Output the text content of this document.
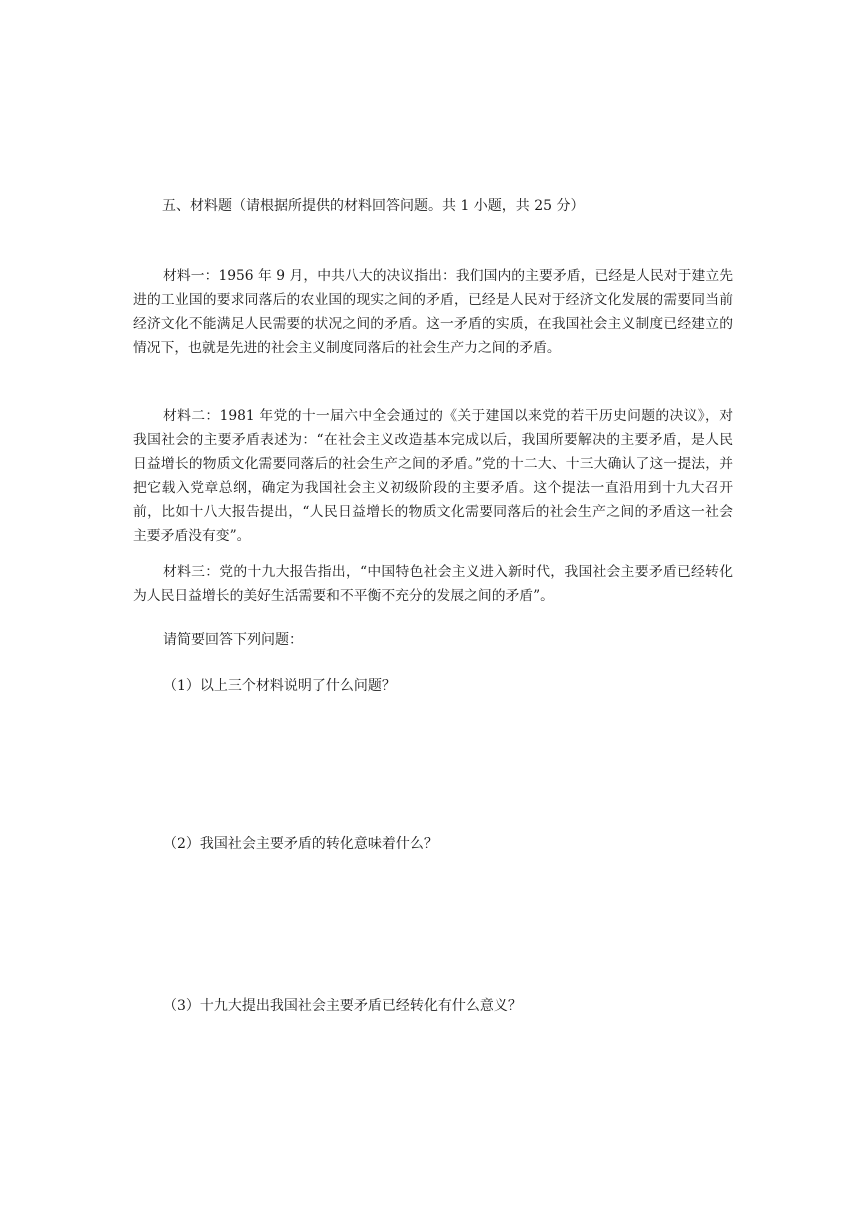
五、材料题（请根据所提供的材料回答问题。共 1 小题，共 25 分）
材料一：1956 年 9 月，中共八大的决议指出：我们国内的主要矛盾，已经是人民对于建立先进的工业国的要求同落后的农业国的现实之间的矛盾，已经是人民对于经济文化发展的需要同当前经济文化不能满足人民需要的状况之间的矛盾。这一矛盾的实质，在我国社会主义制度已经建立的情况下，也就是先进的社会主义制度同落后的社会生产力之间的矛盾。
材料二：1981 年党的十一届六中全会通过的《关于建国以来党的若干历史问题的决议》，对我国社会的主要矛盾表述为：“在社会主义改造基本完成以后，我国所要解决的主要矛盾，是人民日益增长的物质文化需要同落后的社会生产之间的矛盾。”党的十二大、十三大确认了这一提法，并把它载入党章总纲，确定为我国社会主义初级阶段的主要矛盾。这个提法一直沿用到十九大召开前，比如十八大报告提出，“人民日益增长的物质文化需要同落后的社会生产之间的矛盾这一社会主要矛盾没有变”。
材料三：党的十九大报告指出，“中国特色社会主义进入新时代，我国社会主要矛盾已经转化为人民日益增长的美好生活需要和不平衡不充分的发展之间的矛盾”。
请简要回答下列问题：
（1）以上三个材料说明了什么问题？
（2）我国社会主要矛盾的转化意味着什么？
（3）十九大提出我国社会主要矛盾已经转化有什么意义？
